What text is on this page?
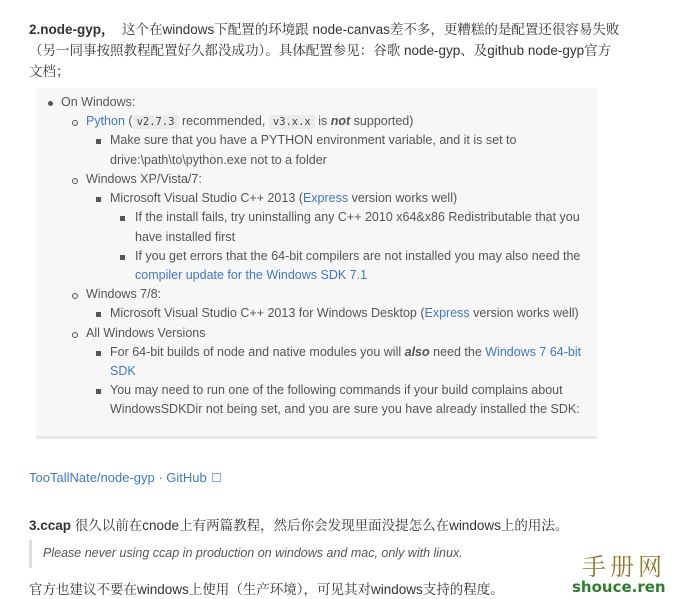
2.node-gyp， 这个在windows下配置的环境跟 node-canvas差不多，更糟糕的是配置还很容易失败
（另一同事按照教程配置好久都没成功）。具体配置参见：谷歌 node-gyp、及github node-gyp官方
文档；
On Windows:
Python ( v2.7.3 recommended, v3.x.x is not supported)
Make sure that you have a PYTHON environment variable, and it is set to
drive:\path\to\python.exe not to a folder
Windows XP/Vista/7:
Microsoft Visual Studio C++ 2013 (Express version works well)
If the install fails, try uninstalling any C++ 2010 x64&x86 Redistributable that you
have installed first
If you get errors that the 64-bit compilers are not installed you may also need the
compiler update for the Windows SDK 7.1
Windows 7/8:
Microsoft Visual Studio C++ 2013 for Windows Desktop (Express version works well)
All Windows Versions
For 64-bit builds of node and native modules you will also need the Windows 7 64-bit
SDK
You may need to run one of the following commands if your build complains about
WindowsSDKDir not being set, and you are sure you have already installed the SDK:
TooTallNate/node-gyp · GitHub
3.ccap 很久以前在cnode上有两篇教程，然后你会发现里面没提怎么在windows上的用法。
Please never using ccap in production on windows and mac, only with linux.
官方也建议不要在windows上使用（生产环境），可见其对windows支持的程度。
手册网
shouce.ren
